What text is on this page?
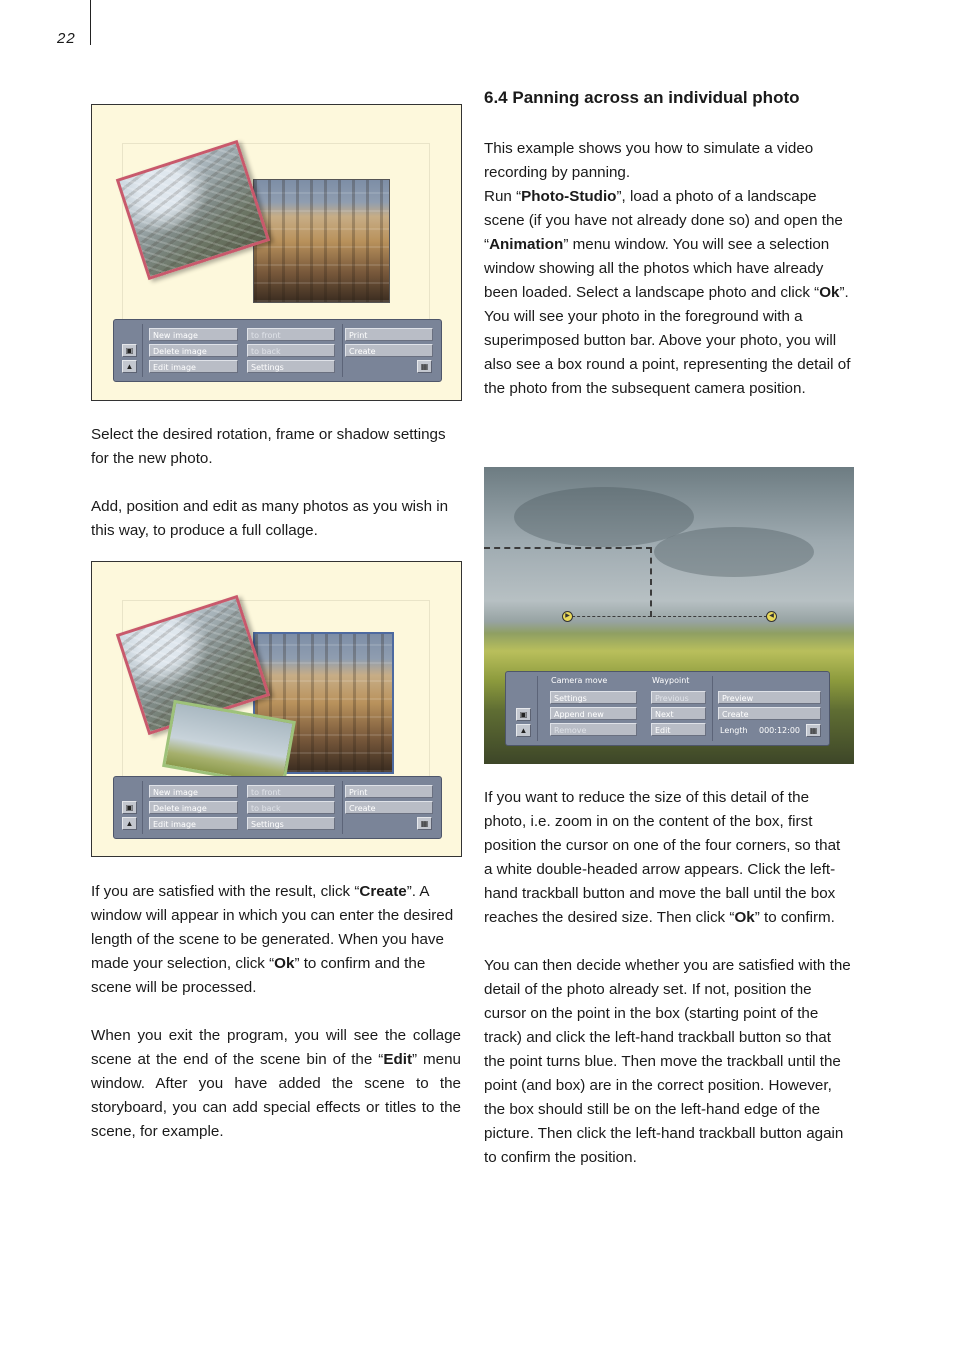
22
▣
▲
New image
Delete image
Edit image
to front
to back
Settings
Print
Create
▦

Select the desired rotation, frame or shadow settings for the new photo.

Add, position and edit as many photos as you wish in this way, to produce a full collage.

▣
▲
New image
Delete image
Edit image
to front
to back
Settings
Print
Create
▦

If you are satisfied with the result, click “Create”. A window will appear in which you can enter the desired length of the scene to be generated. When you have made your selection, click “Ok” to confirm and the scene will be processed.

When you exit the program, you will see the collage scene at the end of the scene bin of the “Edit” menu window. After you have added the scene to the storyboard, you can add special effects or titles to the scene, for example.

6.4 Panning across an individual photo
This example shows you how to simulate a video recording by panning.
Run “Photo-Studio”, load a photo of a landscape scene (if you have not already done so) and open the “Animation” menu window. You will see a selection window showing all the photos which have already been loaded. Select a landscape photo and click “Ok”.
You will see your photo in the foreground with a superimposed button bar. Above your photo, you will also see a box round a point, representing the detail of the photo from the subsequent camera position.
▶	◀
Camera move	Waypoint
▣
▲
Settings
Append new
Remove
Previous
Next
Edit
Preview
Create
Length 000:12:00	▦

If you want to reduce the size of this detail of the photo, i.e. zoom in on the content of the box, first position the cursor on one of the four corners, so that a white double-headed arrow appears. Click the left-hand trackball button and move the ball until the box reaches the desired size. Then click “Ok” to confirm.

You can then decide whether you are satisfied with the detail of the photo already set. If not, position the cursor on the point in the box (starting point of the track) and click the left-hand trackball button so that the point turns blue. Then move the trackball until the point (and box) are in the correct position. However, the box should still be on the left-hand edge of the picture. Then click the left-hand trackball button again to confirm the position.
